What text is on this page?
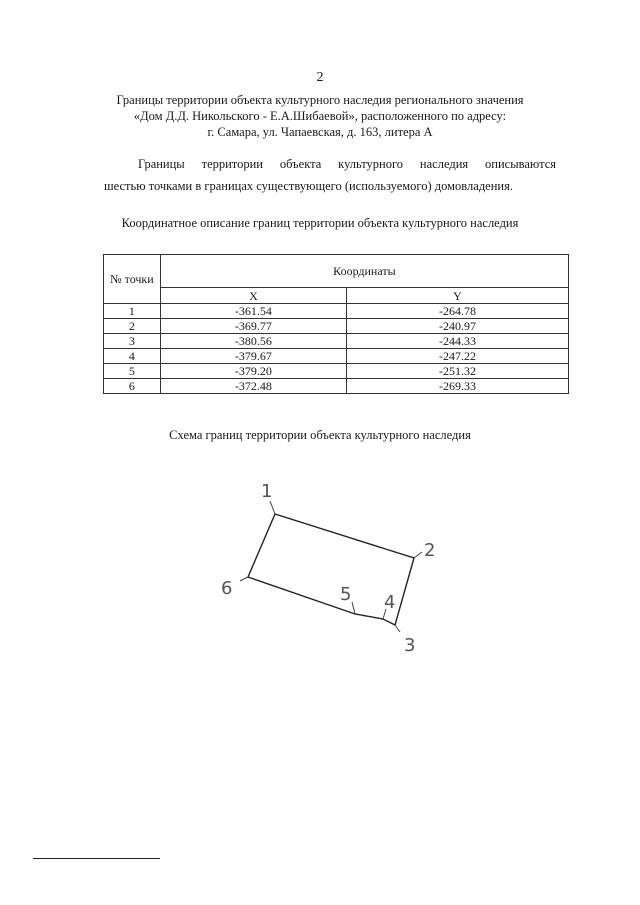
2
Границы территории объекта культурного наследия регионального значения
«Дом Д.Д. Никольского - Е.А.Шибаевой», расположенного по адресу:
г. Самара, ул. Чапаевская, д. 163, литера А
Границы территории объекта культурного наследия описываются
шестью точками в границах существующего (используемого) домовладения.
Координатное описание границ территории объекта культурного наследия
№ точки	Координаты	
	X	Y
1	-361.54	-264.78
2	-369.77	-240.97
3	-380.56	-244.33
4	-379.67	-247.22
5	-379.20	-251.32
6	-372.48	-269.33
Схема границ территории объекта культурного наследия
1
2
3
4
5
6
